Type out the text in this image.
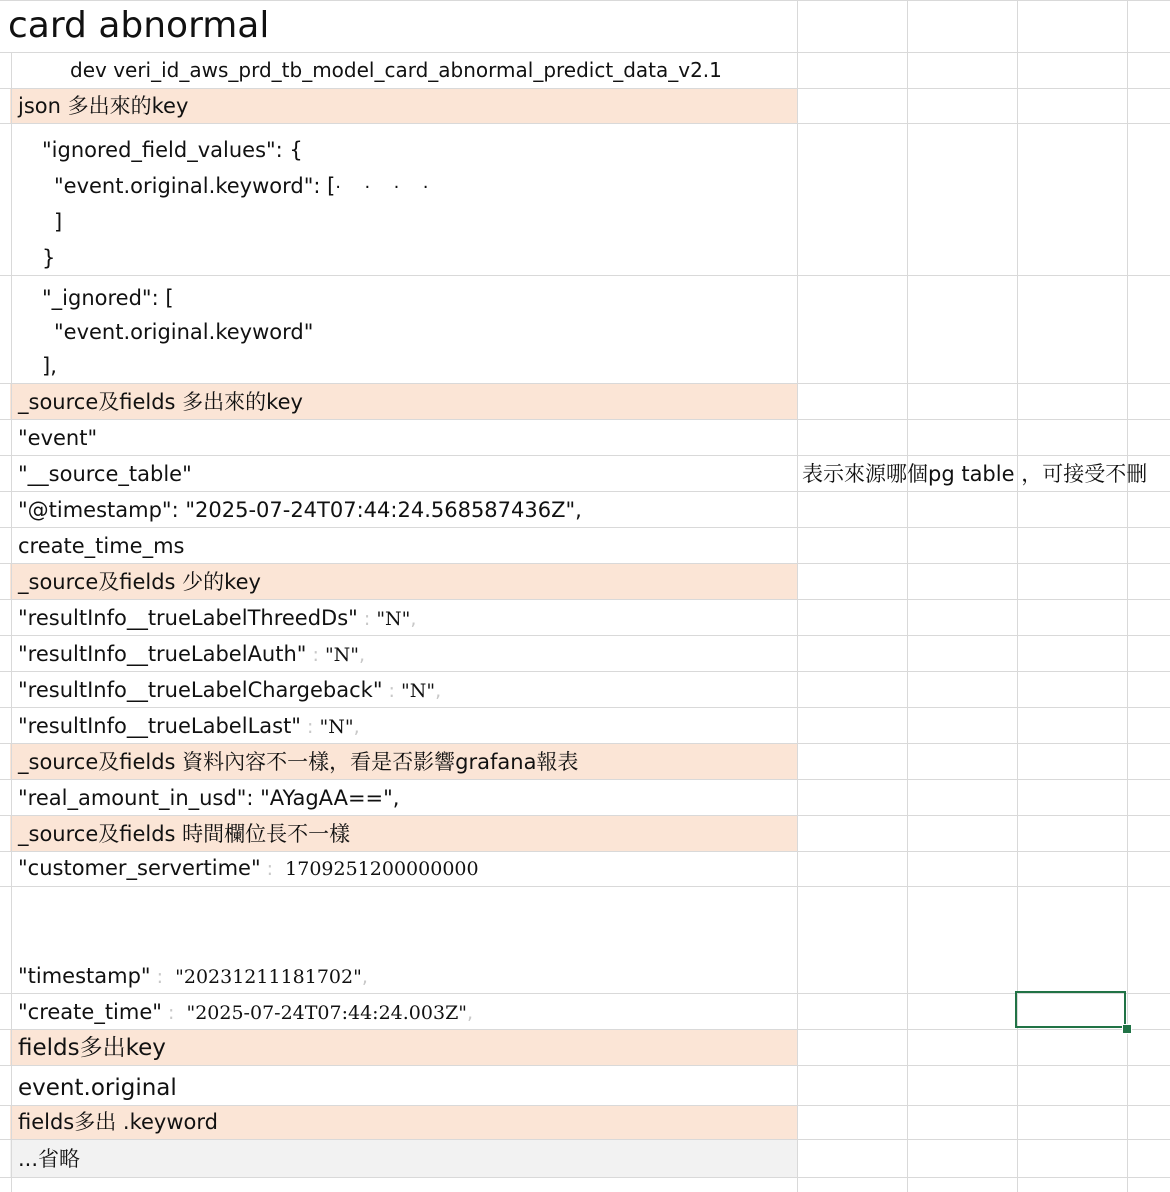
card abnormal
dev veri_id_aws_prd_tb_model_card_abnormal_predict_data_v2.1
json 多出來的key
"ignored_field_values": {
"event.original.keyword": [·  ·  ·  ·
]
}
"_ignored": [
"event.original.keyword"
],
_source及fields 多出來的key
"event"
"__source_table"	表示來源哪個pg table ，可接受不刪
"@timestamp": "2025-07-24T07:44:24.568587436Z",
create_time_ms
_source及fields 少的key
"resultInfo__trueLabelThreedDs" : "N",
"resultInfo__trueLabelAuth" : "N",
"resultInfo__trueLabelChargeback" : "N",
"resultInfo__trueLabelLast" : "N",
_source及fields 資料內容不一樣，看是否影響grafana報表
"real_amount_in_usd": "AYagAA==",
_source及fields 時間欄位長不一樣
"customer_servertime" :  1709251200000000
"timestamp" :  "20231211181702",
"create_time" :  "2025-07-24T07:44:24.003Z",
fields多出key
event.original
fields多出 .keyword
...省略
